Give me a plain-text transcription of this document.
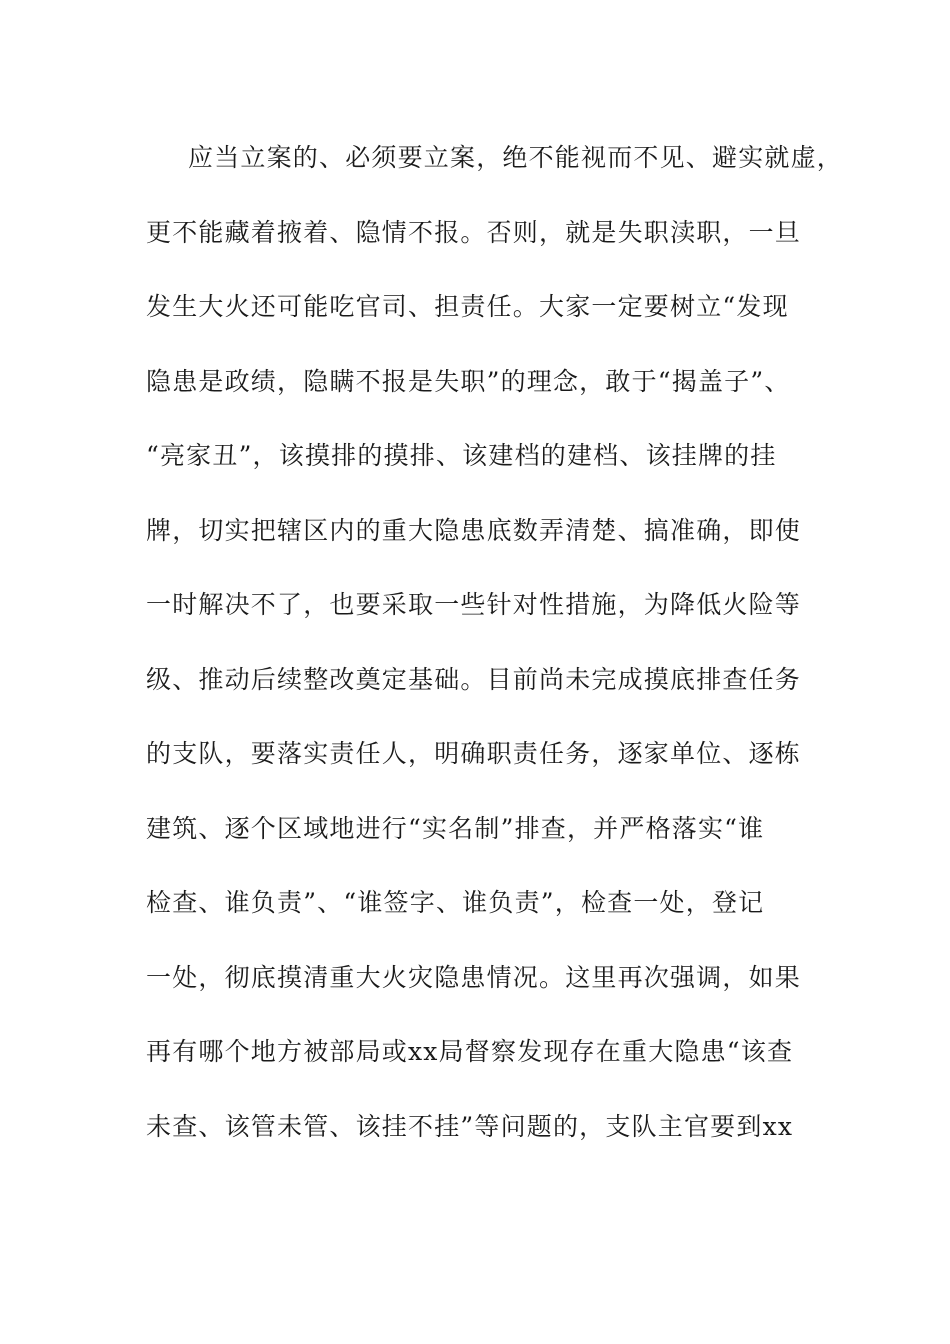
应当立案的、必须要立案，绝不能视而不见、避实就虚，
更不能藏着掖着、隐情不报。否则，就是失职渎职，一旦
发生大火还可能吃官司、担责任。大家一定要树立“发现
隐患是政绩，隐瞒不报是失职”的理念，敢于“揭盖子”、
“亮家丑”，该摸排的摸排、该建档的建档、该挂牌的挂
牌，切实把辖区内的重大隐患底数弄清楚、搞准确，即使
一时解决不了，也要采取一些针对性措施，为降低火险等
级、推动后续整改奠定基础。目前尚未完成摸底排查任务
的支队，要落实责任人，明确职责任务，逐家单位、逐栋
建筑、逐个区域地进行“实名制”排查，并严格落实“谁
检查、谁负责”、“谁签字、谁负责”，检查一处，登记
一处，彻底摸清重大火灾隐患情况。这里再次强调，如果
再有哪个地方被部局或xx局督察发现存在重大隐患“该查
未查、该管未管、该挂不挂”等问题的，支队主官要到xx
